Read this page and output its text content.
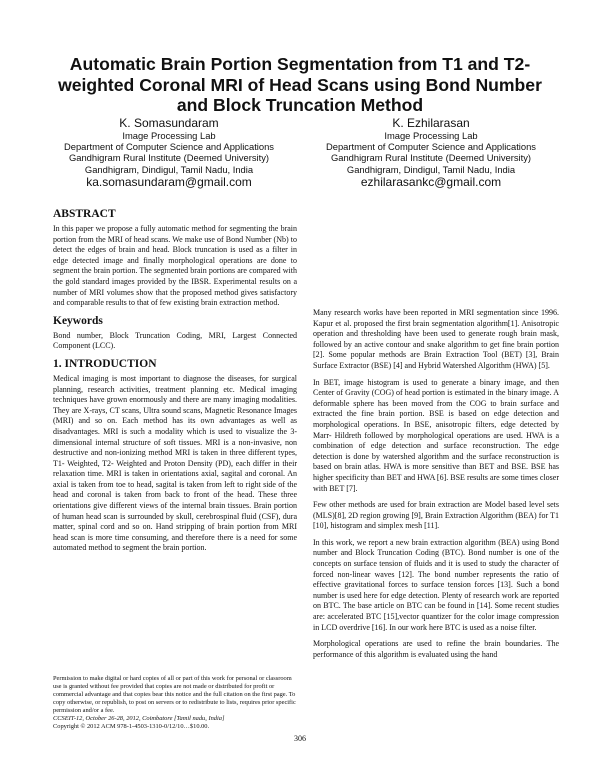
Automatic Brain Portion Segmentation from T1 and T2-weighted Coronal MRI of Head Scans using Bond Number and Block Truncation Method
K. Somasundaram
Image Processing Lab
Department of Computer Science and Applications
Gandhigram Rural Institute (Deemed University)
Gandhigram, Dindigul, Tamil Nadu, India
ka.somasundaram@gmail.com
K. Ezhilarasan
Image Processing Lab
Department of Computer Science and Applications
Gandhigram Rural Institute (Deemed University)
Gandhigram, Dindigul, Tamil Nadu, India
ezhilarasankc@gmail.com
ABSTRACT

In this paper we propose a fully automatic method for segmenting the brain portion from the MRI of head scans. We make use of Bond Number (Nb) to detect the edges of brain and head. Block truncation is used as a filter in edge detected image and finally morphological operations are done to segment the brain portion. The segmented brain portions are compared with the gold standard images provided by the IBSR. Experimental results on a number of MRI volumes show that the proposed method gives satisfactory and comparable results to that of few existing brain extraction method.

Keywords

Bond number, Block Truncation Coding, MRI, Largest Connected Component (LCC).

1. INTRODUCTION

Medical imaging is most important to diagnose the diseases, for surgical planning, research activities, treatment planning etc. Medical imaging techniques have grown enormously and there are many imaging modalities. They are X-rays, CT scans, Ultra sound scans, Magnetic Resonance Images (MRI) and so on. Each method has its own advantages as well as disadvantages. MRI is such a modality which is used to visualize the 3-dimensional internal structure of soft tissues. MRI is a non-invasive, non destructive and non-ionizing method MRI is taken in three different types, T1- Weighted, T2- Weighted and Proton Density (PD), each differ in their relaxation time. MRI is taken in orientations axial, sagital and coronal. An axial is taken from toe to head, sagital is taken from left to right side of the head and coronal is taken from back to front of the head. These three orientations give different views of the internal brain tissues. Brain portion of human head scan is surrounded by skull, cerebrospinal fluid (CSF), dura matter, spinal cord and so on. Hand stripping of brain portion from MRI head scan is more time consuming, and therefore there is a need for some automated method to segment the brain portion.

Permission to make digital or hard copies of all or part of this work for personal or classroom use is granted without fee provided that copies are not made or distributed for profit or commercial advantage and that copies bear this notice and the full citation on the first page. To copy otherwise, or republish, to post on servers or to redistribute to lists, requires prior specific permission and/or a fee.
CCSEIT-12, October 26-28, 2012, Coimbatore [Tamil nadu, India]
Copyright © 2012 ACM 978-1-4503-1310-0/12/10…$10.00.

Many research works have been reported in MRI segmentation since 1996. Kapur et al. proposed the first brain segmentation algorithm[1]. Anisotropic operation and thresholding have been used to generate rough brain mask, followed by an active contour and snake algorithm to get fine brain portion [2]. Some popular methods are Brain Extraction Tool (BET) [3], Brain Surface Extractor (BSE) [4] and Hybrid Watershed Algorithm (HWA) [5].

In BET, image histogram is used to generate a binary image, and then Center of Gravity (COG) of head portion is estimated in the binary image. A deformable sphere has been moved from the COG to brain surface and extracted the fine brain portion. BSE is based on edge detection and morphological operations. In BSE, anisotropic filters, edge detected by Marr- Hildreth followed by morphological operations are used. HWA is a combination of edge detection and surface reconstruction. The edge detection is done by watershed algorithm and the surface reconstruction is based on brain atlas. HWA is more sensitive than BET and BSE. BSE has higher specificity than BET and HWA [6]. BSE results are some times closer with BET [7].

Few other methods are used for brain extraction are Model based level sets (MLS)[8], 2D region growing [9], Brain Extraction Algorithm (BEA) for T1 [10], histogram and simplex mesh [11].

In this work, we report a new brain extraction algorithm (BEA) using Bond number and Block Truncation Coding (BTC). Bond number is one of the concepts on surface tension of fluids and it is used to study the character of forced non-linear waves [12]. The bond number represents the ratio of effective gravitational forces to surface tension forces [13]. Such a bond number is used here for edge detection. Plenty of research work are reported on BTC. The base article on BTC can be found in [14]. Some recent studies are: accelerated BTC [15],vector quantizer for the color image compression in LCD overdrive [16]. In our work here BTC is used as a noise filter.

Morphological operations are used to refine the brain boundaries. The performance of this algorithm is evaluated using the hand

306
